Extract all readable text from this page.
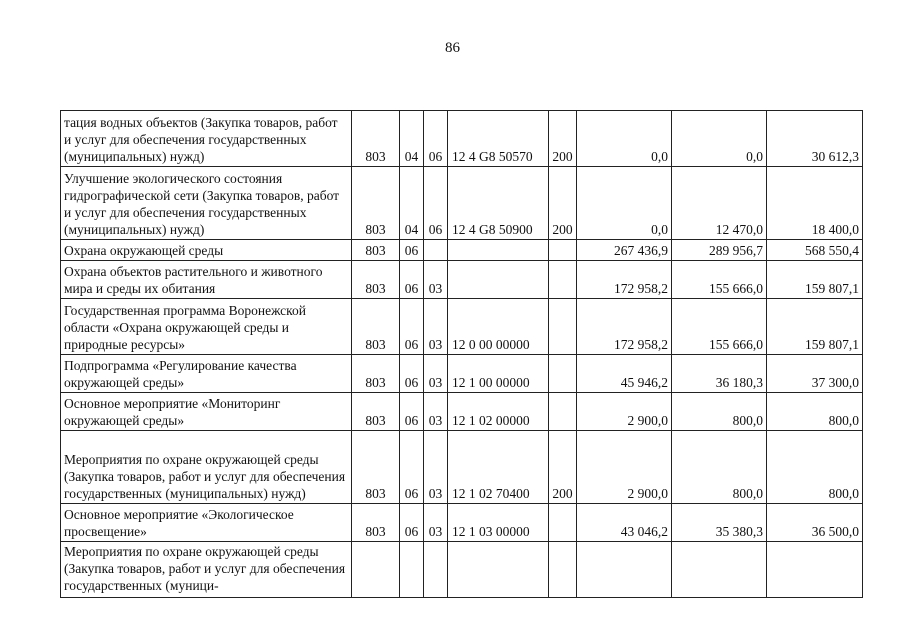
86
тация водных объектов (Закупка товаров, работ и услуг для обеспечения государственных (муниципальных) нужд)	803	04	06	12 4 G8 50570	200	0,0	0,0	30 612,3
Улучшение экологического состояния гидрографической сети (Закупка товаров, работ и услуг для обеспечения государственных (муниципальных) нужд)	803	04	06	12 4 G8 50900	200	0,0	12 470,0	18 400,0
Охрана окружающей среды	803	06				267 436,9	289 956,7	568 550,4
Охрана объектов растительного и животного мира и среды их обитания	803	06	03			172 958,2	155 666,0	159 807,1
Государственная программа Воронежской области «Охрана окружающей среды и природные ресурсы»	803	06	03	12 0 00 00000		172 958,2	155 666,0	159 807,1
Подпрограмма «Регулирование качества окружающей среды»	803	06	03	12 1 00 00000		45 946,2	36 180,3	37 300,0
Основное мероприятие «Мониторинг окружающей среды»	803	06	03	12 1 02 00000		2 900,0	800,0	800,0
Мероприятия по охране окружающей среды (Закупка товаров, работ и услуг для обеспечения государственных (муниципальных) нужд)	803	06	03	12 1 02 70400	200	2 900,0	800,0	800,0
Основное мероприятие «Экологическое просвещение»	803	06	03	12 1 03 00000		43 046,2	35 380,3	36 500,0
Мероприятия по охране окружающей среды (Закупка товаров, работ и услуг для обеспечения государственных (муници-								
